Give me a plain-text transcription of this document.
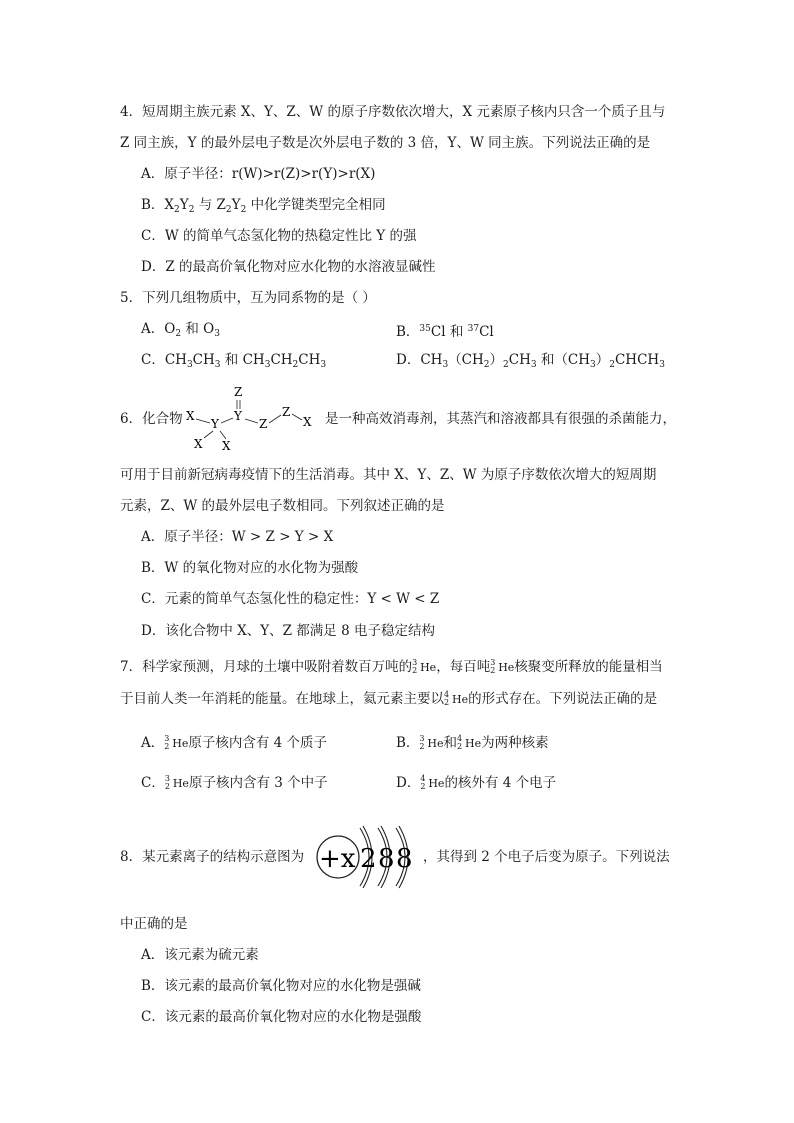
4．短周期主族元素 X、Y、Z、W 的原子序数依次增大，X 元素原子核内只含一个质子且与
Z 同主族，Y 的最外层电子数是次外层电子数的 3 倍，Y、W 同主族。下列说法正确的是
A．原子半径：r(W)>r(Z)>r(Y)>r(X)
B．$X_2Y_2$ 与 $Z_2Y_2$ 中化学键类型完全相同
C．W 的简单气态氢化物的热稳定性比 Y 的强
D．Z 的最高价氧化物对应水化物的水溶液显碱性
5．下列几组物质中，互为同系物的是（ ）
A．$O_2$ 和 $O_3$	B．$^{35}$Cl 和 $^{37}$Cl
C．$CH_3CH_3$ 和 $CH_3CH_2CH_3$	D．$CH_3(CH_2)_2CH_3$ 和$(CH_3)_2CHCH_3$
6．化合物
Z
X
Y
Y
Z
Z
X
X X
是一种高效消毒剂，其蒸汽和溶液都具有很强的杀菌能力，
可用于目前新冠病毒疫情下的生活消毒。其中 X、Y、Z、W 为原子序数依次增大的短周期
元素，Z、W 的最外层电子数相同。下列叙述正确的是
A．原子半径：W > Z > Y > X
B．W 的氧化物对应的水化物为强酸
C．元素的简单气态氢化性的稳定性：Y < W < Z
D．该化合物中 X、Y、Z 都满足 8 电子稳定结构
7．科学家预测，月球的土壤中吸附着数百万吨的 3
2 He，每百吨 3
2 He核聚变所释放的能量相当
于目前人类一年消耗的能量。在地球上，氦元素主要以 4
2 He的形式存在。下列说法正确的是
A． 3
2 He原子核内含有 4 个质子	B． 3
2 He和 4
2 He为两种核素
C． 3
2 He原子核内含有 3 个中子	D． 4
2 He的核外有 4 个电子
8．某元素离子的结构示意图为 +x 2 8 8 ，其得到 2 个电子后变为原子。下列说法
中正确的是
A．该元素为硫元素
B．该元素的最高价氧化物对应的水化物是强碱
C．该元素的最高价氧化物对应的水化物是强酸
